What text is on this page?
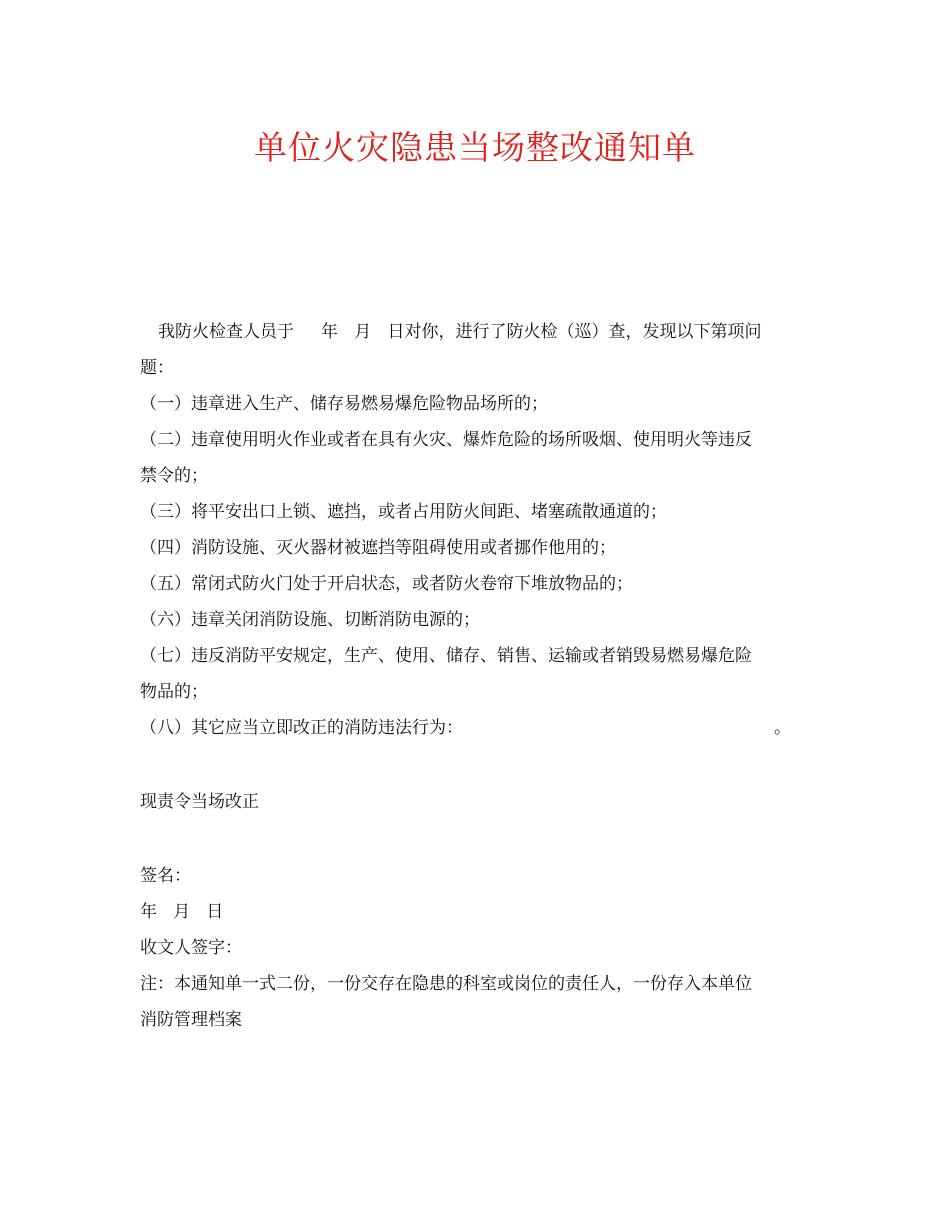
单位火灾隐患当场整改通知单
我防火检查人员于     年   月   日对你，进行了防火检（巡）查，发现以下第项问
题：
（一）违章进入生产、储存易燃易爆危险物品场所的；
（二）违章使用明火作业或者在具有火灾、爆炸危险的场所吸烟、使用明火等违反
禁令的；
（三）将平安出口上锁、遮挡，或者占用防火间距、堵塞疏散通道的；
（四）消防设施、灭火器材被遮挡等阻碍使用或者挪作他用的；
（五）常闭式防火门处于开启状态，或者防火卷帘下堆放物品的；
（六）违章关闭消防设施、切断消防电源的；
（七）违反消防平安规定，生产、使用、储存、销售、运输或者销毁易燃易爆危险
物品的；
（八）其它应当立即改正的消防违法行为：	。
现责令当场改正
签名：
年   月   日
收文人签字：
注：本通知单一式二份，一份交存在隐患的科室或岗位的责任人，一份存入本单位
消防管理档案
